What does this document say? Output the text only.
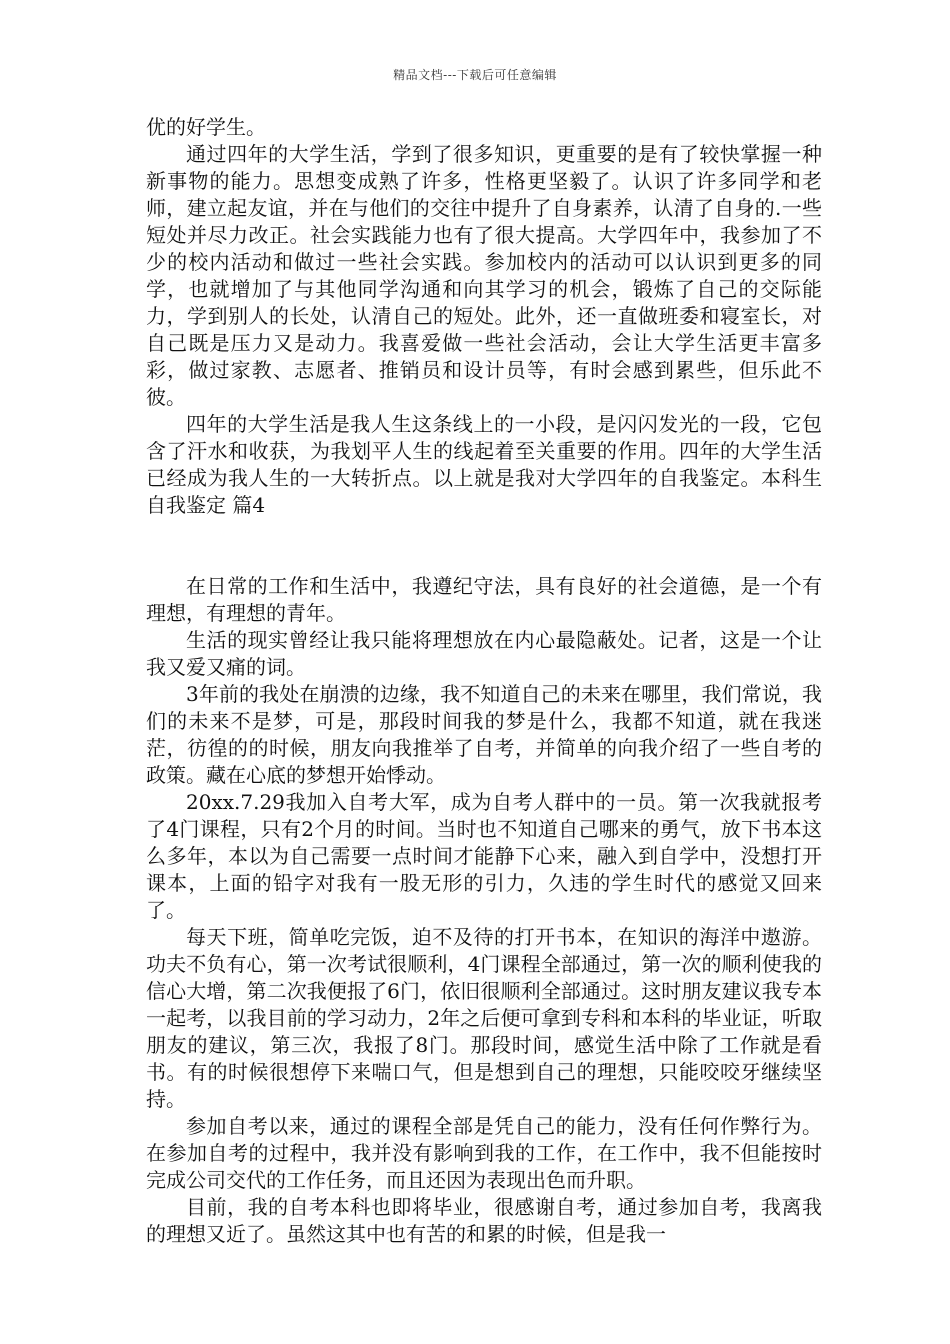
精品文档---下载后可任意编辑

优的好学生。

通过四年的大学生活，学到了很多知识，更重要的是有了较快掌握一种新事物的能力。思想变成熟了许多，性格更坚毅了。认识了许多同学和老师，建立起友谊，并在与他们的交往中提升了自身素养，认清了自身的.一些短处并尽力改正。社会实践能力也有了很大提高。大学四年中，我参加了不少的校内活动和做过一些社会实践。参加校内的活动可以认识到更多的同学，也就增加了与其他同学沟通和向其学习的机会，锻炼了自己的交际能力，学到别人的长处，认清自己的短处。此外，还一直做班委和寝室长，对自己既是压力又是动力。我喜爱做一些社会活动，会让大学生活更丰富多彩，做过家教、志愿者、推销员和设计员等，有时会感到累些，但乐此不彼。

四年的大学生活是我人生这条线上的一小段，是闪闪发光的一段，它包含了汗水和收获，为我划平人生的线起着至关重要的作用。四年的大学生活已经成为我人生的一大转折点。以上就是我对大学四年的自我鉴定。本科生自我鉴定 篇4

在日常的工作和生活中，我遵纪守法，具有良好的社会道德，是一个有理想，有理想的青年。

生活的现实曾经让我只能将理想放在内心最隐蔽处。记者，这是一个让我又爱又痛的词。

3年前的我处在崩溃的边缘，我不知道自己的未来在哪里，我们常说，我们的未来不是梦，可是，那段时间我的梦是什么，我都不知道，就在我迷茫，彷徨的的时候，朋友向我推举了自考，并简单的向我介绍了一些自考的政策。藏在心底的梦想开始悸动。

20xx.7.29我加入自考大军，成为自考人群中的一员。第一次我就报考了4门课程，只有2个月的时间。当时也不知道自己哪来的勇气，放下书本这么多年，本以为自己需要一点时间才能静下心来，融入到自学中，没想打开课本，上面的铅字对我有一股无形的引力，久违的学生时代的感觉又回来了。

每天下班，简单吃完饭，迫不及待的打开书本，在知识的海洋中遨游。功夫不负有心，第一次考试很顺利，4门课程全部通过，第一次的顺利使我的信心大增，第二次我便报了6门，依旧很顺利全部通过。这时朋友建议我专本一起考，以我目前的学习动力，2年之后便可拿到专科和本科的毕业证，听取朋友的建议，第三次，我报了8门。那段时间，感觉生活中除了工作就是看书。有的时候很想停下来喘口气，但是想到自己的理想，只能咬咬牙继续坚持。

参加自考以来，通过的课程全部是凭自己的能力，没有任何作弊行为。在参加自考的过程中，我并没有影响到我的工作，在工作中，我不但能按时完成公司交代的工作任务，而且还因为表现出色而升职。

目前，我的自考本科也即将毕业，很感谢自考，通过参加自考，我离我的理想又近了。虽然这其中也有苦的和累的时候，但是我一
